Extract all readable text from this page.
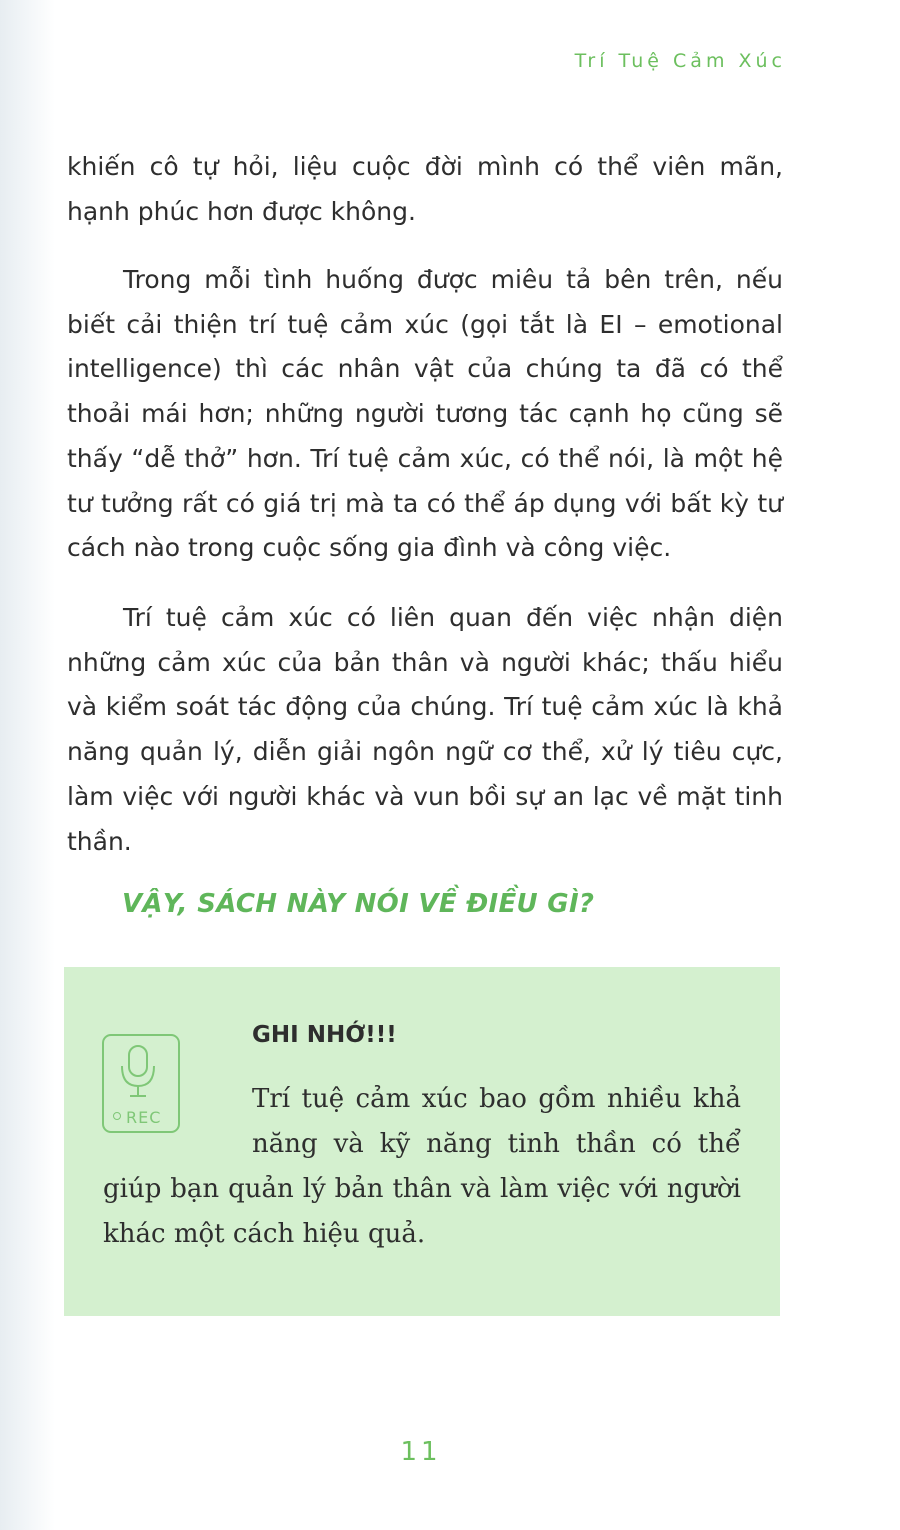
Trí Tuệ Cảm Xúc

khiến cô tự hỏi, liệu cuộc đời mình có thể viên mãn, hạnh phúc hơn được không.

Trong mỗi tình huống được miêu tả bên trên, nếu biết cải thiện trí tuệ cảm xúc (gọi tắt là EI – emotional intelligence) thì các nhân vật của chúng ta đã có thể thoải mái hơn; những người tương tác cạnh họ cũng sẽ thấy “dễ thở” hơn. Trí tuệ cảm xúc, có thể nói, là một hệ tư tưởng rất có giá trị mà ta có thể áp dụng với bất kỳ tư cách nào trong cuộc sống gia đình và công việc.

Trí tuệ cảm xúc có liên quan đến việc nhận diện những cảm xúc của bản thân và người khác; thấu hiểu và kiểm soát tác động của chúng. Trí tuệ cảm xúc là khả năng quản lý, diễn giải ngôn ngữ cơ thể, xử lý tiêu cực, làm việc với người khác và vun bồi sự an lạc về mặt tinh thần.

VẬY, SÁCH NÀY NÓI VỀ ĐIỀU GÌ?
REC
GHI NHỚ!!!

Trí tuệ cảm xúc bao gồm nhiều khả năng và kỹ năng tinh thần có thể giúp bạn quản lý bản thân và làm việc với người khác một cách hiệu quả.

11
